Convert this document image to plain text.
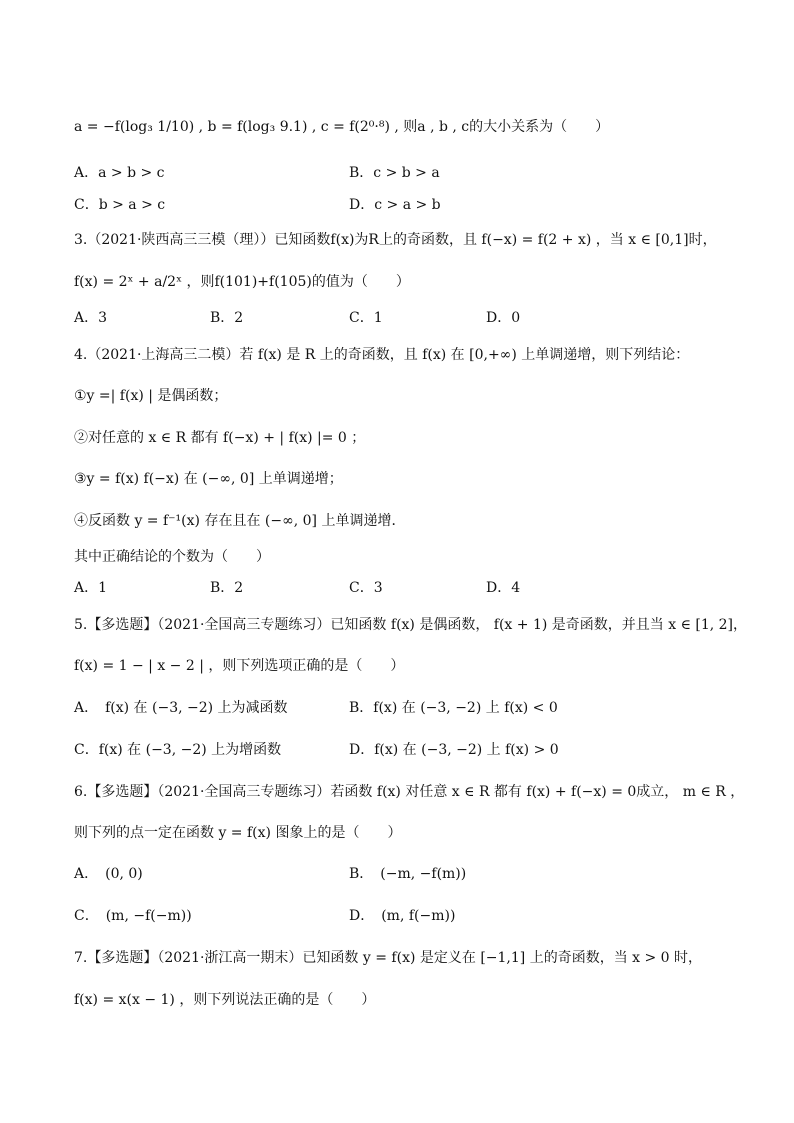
a = −f(log₃ 1/10) , b = f(log₃ 9.1) , c = f(2⁰·⁸) , 则a , b , c的大小关系为（　　）
A．a > b > c	B．c > b > a
C．b > a > c	D．c > a > b
3.（2021·陕西高三三模（理））已知函数f(x)为R上的奇函数，且 f(−x) = f(2 + x) ，当 x ∈ [0,1]时，
f(x) = 2ˣ + a/2ˣ ，则f(101)+f(105)的值为（　　）
A．3	B．2	C．1	D．0
4.（2021·上海高三二模）若 f(x) 是 R 上的奇函数，且 f(x) 在 [0,+∞) 上单调递增，则下列结论：
①y =| f(x) | 是偶函数；
②对任意的 x ∈ R 都有 f(−x) + | f(x) |= 0 ；
③y = f(x) f(−x) 在 (−∞, 0] 上单调递增；
④反函数 y = f⁻¹(x) 存在且在 (−∞, 0] 上单调递增．
其中正确结论的个数为（　　）
A．1	B．2	C．3	D．4
5.【多选题】（2021·全国高三专题练习）已知函数 f(x) 是偶函数， f(x + 1) 是奇函数，并且当 x ∈ [1, 2]，
f(x) = 1 − | x − 2 | ，则下列选项正确的是（　　）
A．　f(x) 在 (−3, −2) 上为减函数	B．f(x) 在 (−3, −2) 上 f(x) < 0
C．f(x) 在 (−3, −2) 上为增函数	D．f(x) 在 (−3, −2) 上 f(x) > 0
6.【多选题】（2021·全国高三专题练习）若函数 f(x) 对任意 x ∈ R 都有 f(x) + f(−x) = 0成立， m ∈ R ，
则下列的点一定在函数 y = f(x) 图象上的是（　　）
A．　(0, 0)	B．　(−m, −f(m))
C．　(m, −f(−m))	D．　(m, f(−m))
7.【多选题】（2021·浙江高一期末）已知函数 y = f(x) 是定义在 [−1,1] 上的奇函数，当 x > 0 时，
f(x) = x(x − 1) ，则下列说法正确的是（　　）
